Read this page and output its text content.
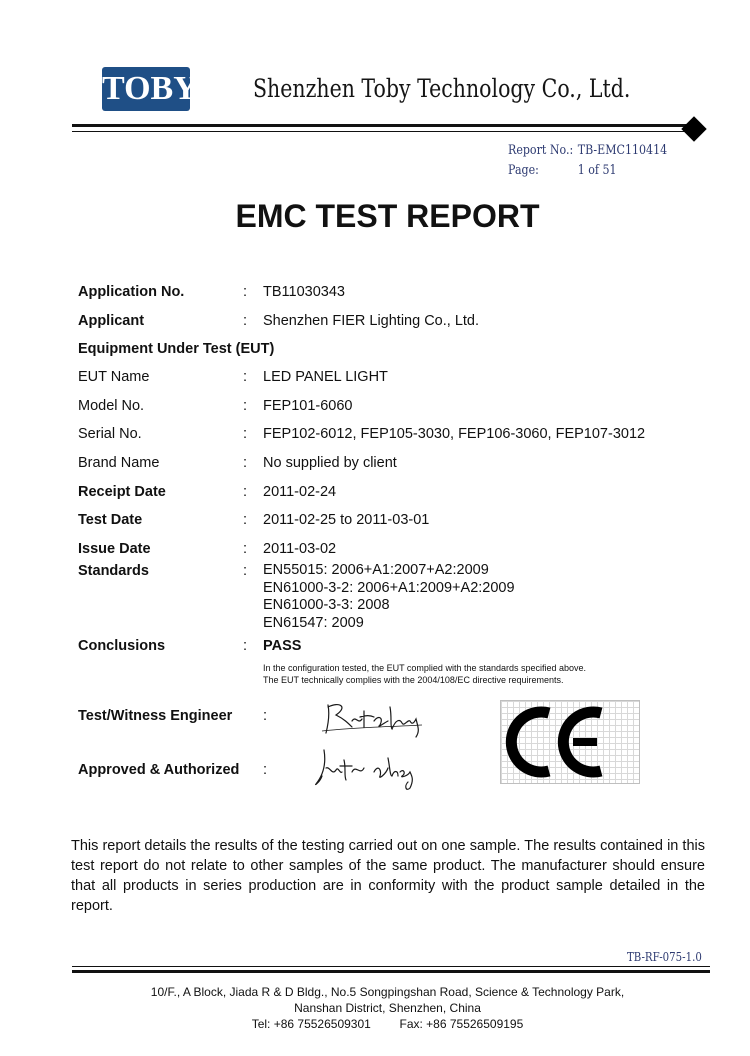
TOBY Shenzhen Toby Technology Co., Ltd.
Report No.: TB-EMC110414
Page:	1 of 51
EMC TEST REPORT
Application No.	: TB11030343
Applicant	: Shenzhen FIER Lighting Co., Ltd.
Equipment Under Test (EUT)
EUT Name	: LED PANEL LIGHT
Model No.	: FEP101-6060
Serial No.	: FEP102-6012, FEP105-3030, FEP106-3060, FEP107-3012
Brand Name	: No supplied by client
Receipt Date	: 2011-02-24
Test Date	: 2011-02-25 to 2011-03-01
Issue Date	: 2011-03-02
Standards	: EN55015: 2006+A1:2007+A2:2009
EN61000-3-2: 2006+A1:2009+A2:2009
EN61000-3-3: 2008
EN61547: 2009
Conclusions	: PASS
In the configuration tested, the EUT complied with the standards specified above.
The EUT technically complies with the 2004/108/EC directive requirements.
Test/Witness Engineer :
Approved & Authorized :
This report details the results of the testing carried out on one sample. The results contained in this test report do not relate to other samples of the same product. The manufacturer should ensure that all products in series production are in conformity with the product sample detailed in the report.
TB-RF-075-1.0
10/F., A Block, Jiada R & D Bldg., No.5 Songpingshan Road, Science & Technology Park,
Nanshan District, Shenzhen, China
Tel: +86 75526509301 Fax: +86 75526509195
